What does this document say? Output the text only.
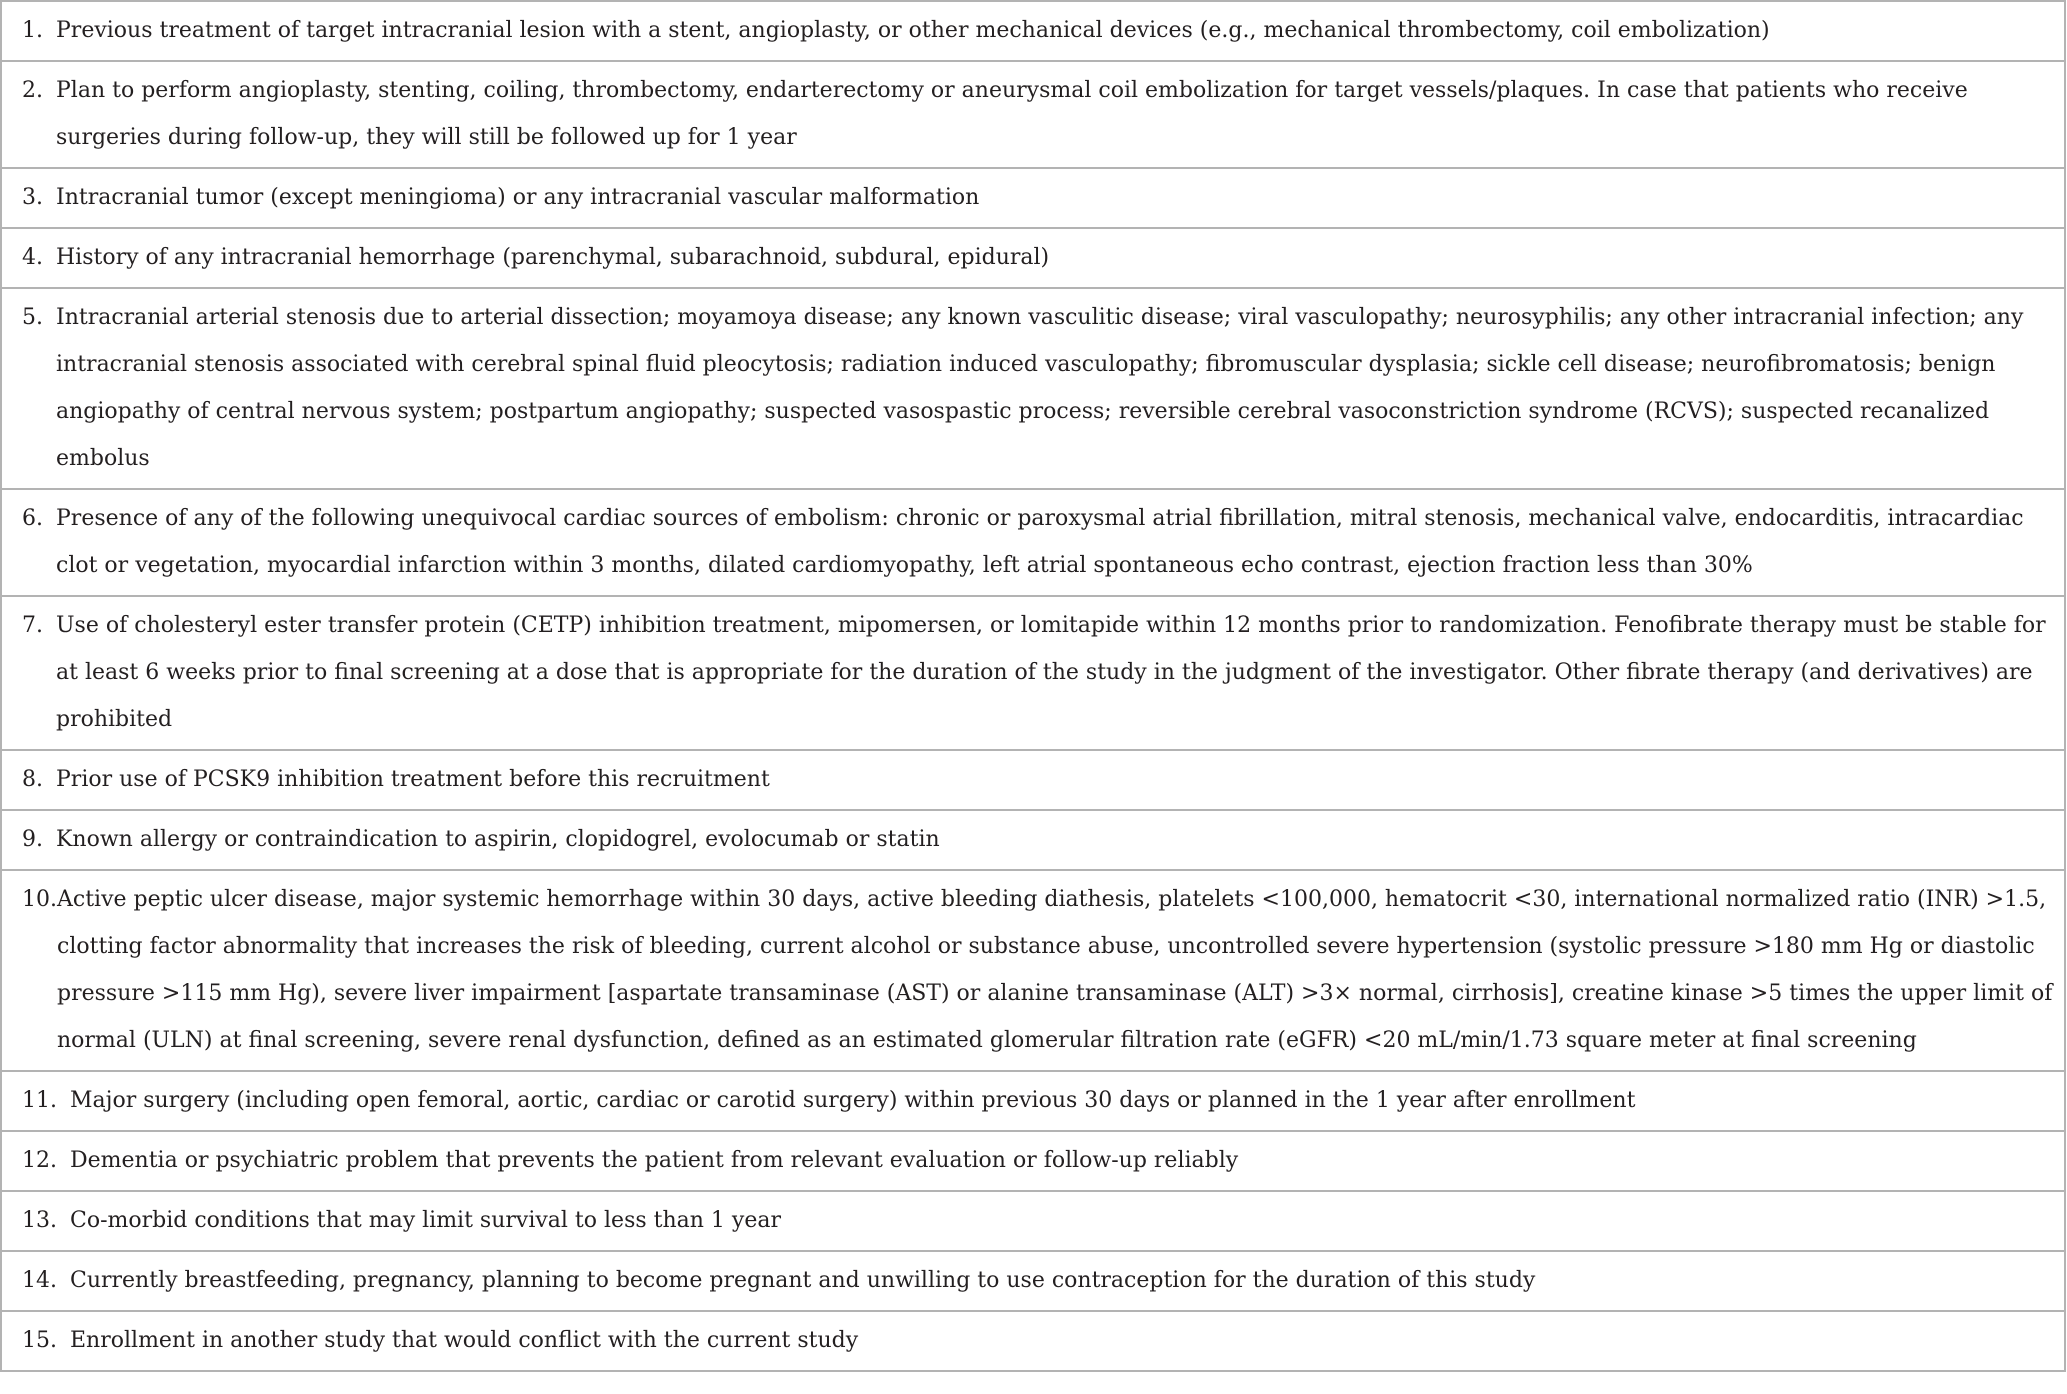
1. Previous treatment of target intracranial lesion with a stent, angioplasty, or other mechanical devices (e.g., mechanical thrombectomy, coil embolization)

2. Plan to perform angioplasty, stenting, coiling, thrombectomy, endarterectomy or aneurysmal coil embolization for target vessels/plaques. In case that patients who receive surgeries during follow-up, they will still be followed up for 1 year

3. Intracranial tumor (except meningioma) or any intracranial vascular malformation

4. History of any intracranial hemorrhage (parenchymal, subarachnoid, subdural, epidural)

5. Intracranial arterial stenosis due to arterial dissection; moyamoya disease; any known vasculitic disease; viral vasculopathy; neurosyphilis; any other intracranial infection; any intracranial stenosis associated with cerebral spinal fluid pleocytosis; radiation induced vasculopathy; fibromuscular dysplasia; sickle cell disease; neurofibromatosis; benign angiopathy of central nervous system; postpartum angiopathy; suspected vasospastic process; reversible cerebral vasoconstriction syndrome (RCVS); suspected recanalized embolus

6. Presence of any of the following unequivocal cardiac sources of embolism: chronic or paroxysmal atrial fibrillation, mitral stenosis, mechanical valve, endocarditis, intracardiac clot or vegetation, myocardial infarction within 3 months, dilated cardiomyopathy, left atrial spontaneous echo contrast, ejection fraction less than 30%

7. Use of cholesteryl ester transfer protein (CETP) inhibition treatment, mipomersen, or lomitapide within 12 months prior to randomization. Fenofibrate therapy must be stable for at least 6 weeks prior to final screening at a dose that is appropriate for the duration of the study in the judgment of the investigator. Other fibrate therapy (and derivatives) are prohibited

8. Prior use of PCSK9 inhibition treatment before this recruitment

9. Known allergy or contraindication to aspirin, clopidogrel, evolocumab or statin

10. Active peptic ulcer disease, major systemic hemorrhage within 30 days, active bleeding diathesis, platelets <100,000, hematocrit <30, international normalized ratio (INR) >1.5, clotting factor abnormality that increases the risk of bleeding, current alcohol or substance abuse, uncontrolled severe hypertension (systolic pressure >180 mm Hg or diastolic pressure >115 mm Hg), severe liver impairment [aspartate transaminase (AST) or alanine transaminase (ALT) >3× normal, cirrhosis], creatine kinase >5 times the upper limit of normal (ULN) at final screening, severe renal dysfunction, defined as an estimated glomerular filtration rate (eGFR) <20 mL/min/1.73 square meter at final screening

11. Major surgery (including open femoral, aortic, cardiac or carotid surgery) within previous 30 days or planned in the 1 year after enrollment

12. Dementia or psychiatric problem that prevents the patient from relevant evaluation or follow-up reliably

13. Co-morbid conditions that may limit survival to less than 1 year

14. Currently breastfeeding, pregnancy, planning to become pregnant and unwilling to use contraception for the duration of this study

15. Enrollment in another study that would conflict with the current study
